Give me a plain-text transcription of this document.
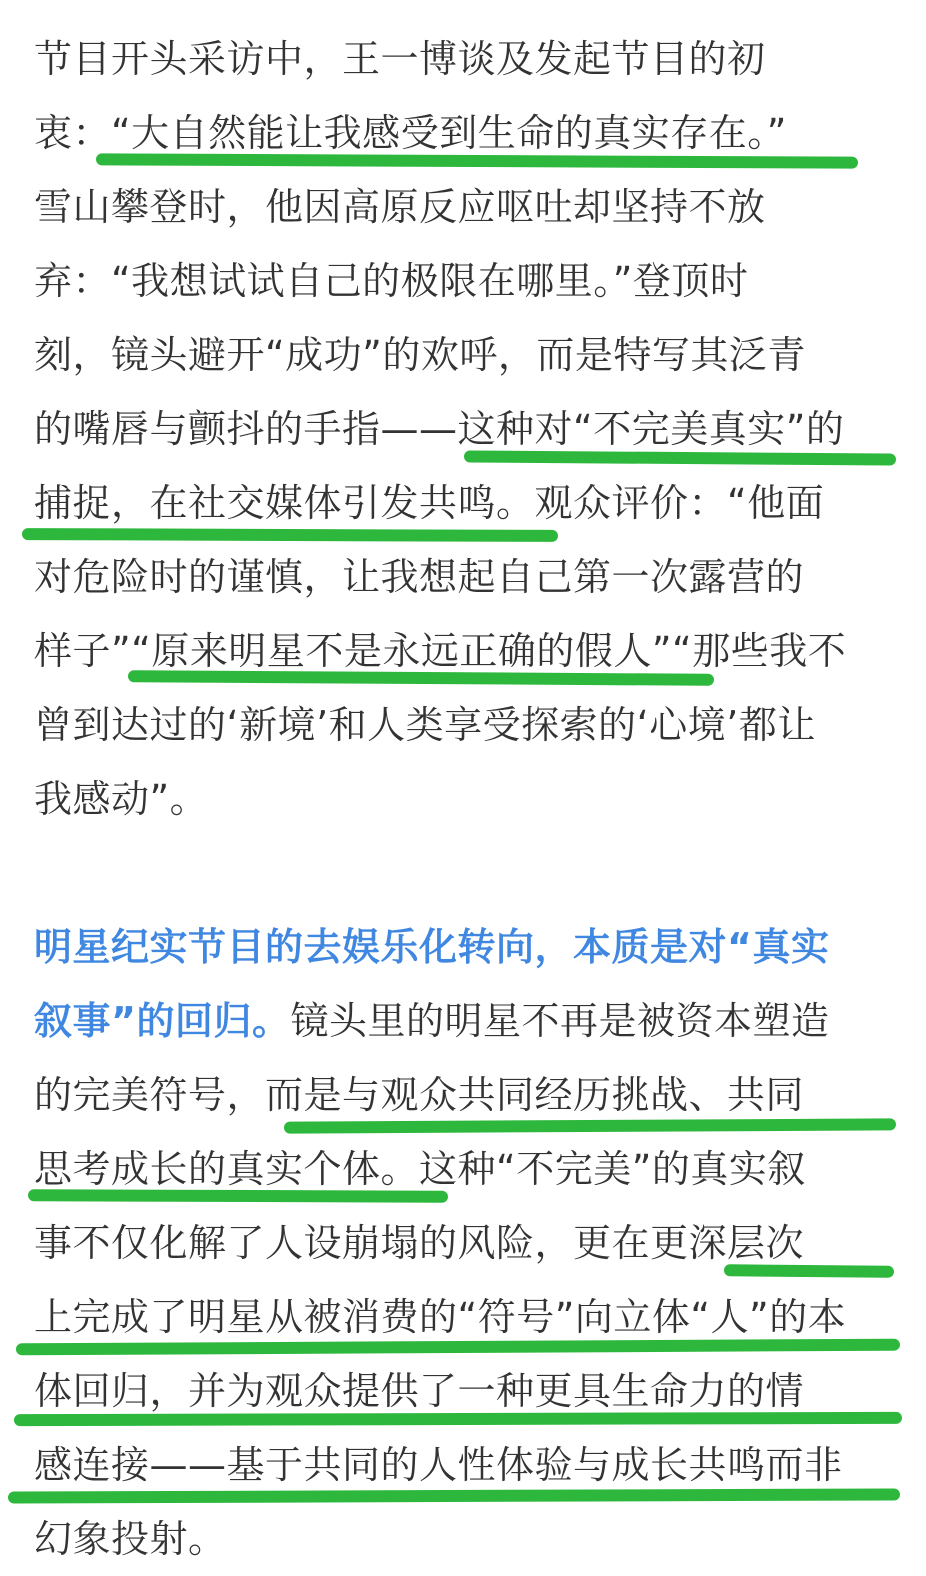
节目开头采访中，王一博谈及发起节目的初
衷：“大自然能让我感受到生命的真实存在。”
雪山攀登时，他因高原反应呕吐却坚持不放
弃：“我想试试自己的极限在哪里。”登顶时
刻，镜头避开“成功”的欢呼，而是特写其泛青
的嘴唇与颤抖的手指——这种对“不完美真实”的
捕捉，在社交媒体引发共鸣。观众评价：“他面
对危险时的谨慎，让我想起自己第一次露营的
样子”“原来明星不是永远正确的假人”“那些我不
曾到达过的‘新境’和人类享受探索的‘心境’都让
我感动”。
明星纪实节目的去娱乐化转向，本质是对“真实
叙事”的回归。镜头里的明星不再是被资本塑造
的完美符号，而是与观众共同经历挑战、共同
思考成长的真实个体。这种“不完美”的真实叙
事不仅化解了人设崩塌的风险，更在更深层次
上完成了明星从被消费的“符号”向立体“人”的本
体回归，并为观众提供了一种更具生命力的情
感连接——基于共同的人性体验与成长共鸣而非
幻象投射。
